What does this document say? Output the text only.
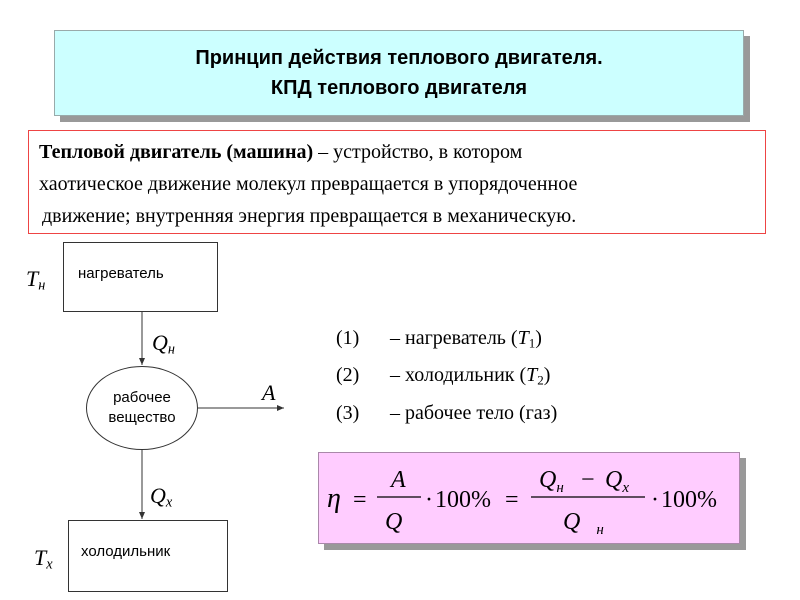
Принцип действия теплового двигателя.
КПД теплового двигателя
Тепловой двигатель (машина) – устройство, в котором
хаотическое движение молекул превращается в упорядоченное
движение; внутренняя энергия превращается в механическую.
нагреватель
рабочее
вещество
холодильник
$T_н$
$Q_н$
A
$Q_x$
$T_x$
(1) – нагреватель $(T_1)$
(2) – холодильник $(T_2)$
(3) – рабочее тело (газ)
η =
A
Q
· 100% =
$Q_н - Q_x$
Q $_н$
· 100%
